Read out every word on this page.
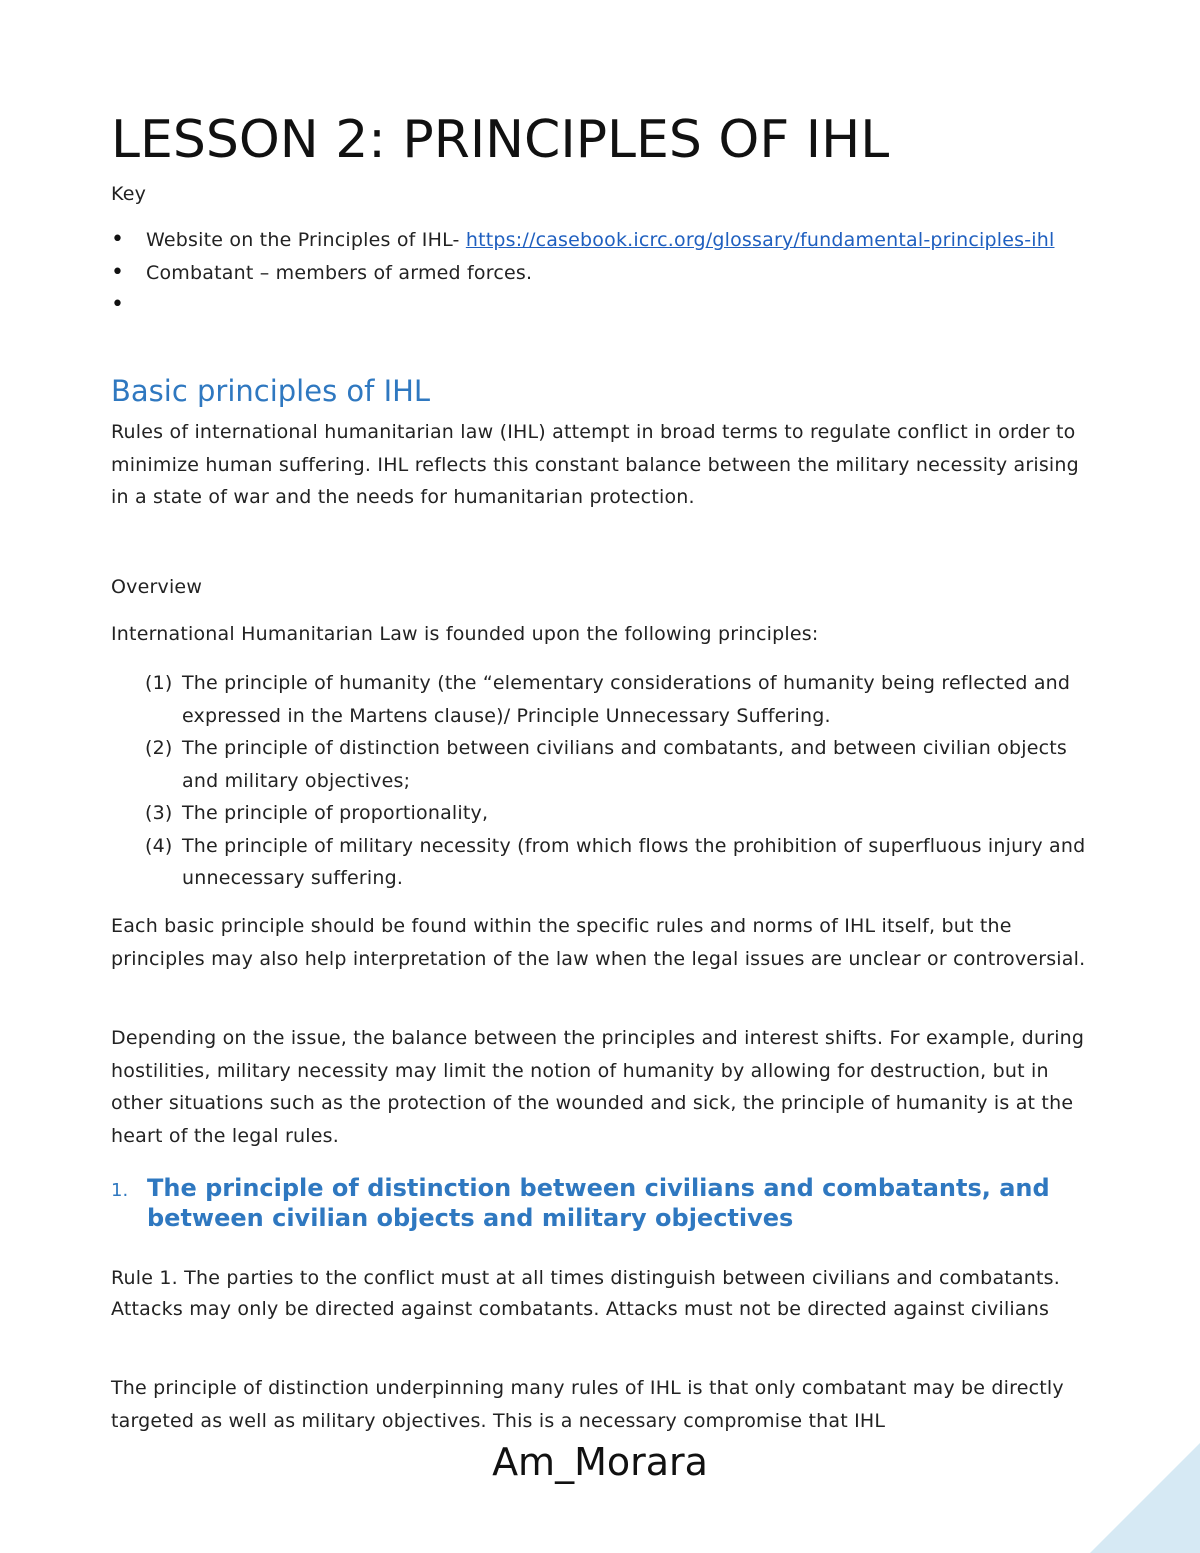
LESSON 2: PRINCIPLES OF IHL
Key
• Website on the Principles of IHL- https://casebook.icrc.org/glossary/fundamental-principles-ihl
• Combatant – members of armed forces.
•
Basic principles of IHL

Rules of international humanitarian law (IHL) attempt in broad terms to regulate conflict in order to minimize human suffering. IHL reflects this constant balance between the military necessity arising in a state of war and the needs for humanitarian protection.

Overview

International Humanitarian Law is founded upon the following principles:

(1) The principle of humanity (the “elementary considerations of humanity being reflected and expressed in the Martens clause)/ Principle Unnecessary Suffering.
(2) The principle of distinction between civilians and combatants, and between civilian objects and military objectives;
(3) The principle of proportionality,
(4) The principle of military necessity (from which flows the prohibition of superfluous injury and unnecessary suffering.

Each basic principle should be found within the specific rules and norms of IHL itself, but the principles may also help interpretation of the law when the legal issues are unclear or controversial.

Depending on the issue, the balance between the principles and interest shifts. For example, during hostilities, military necessity may limit the notion of humanity by allowing for destruction, but in other situations such as the protection of the wounded and sick, the principle of humanity is at the heart of the legal rules.

1. The principle of distinction between civilians and combatants, and between civilian objects and military objectives

Rule 1. The parties to the conflict must at all times distinguish between civilians and combatants. Attacks may only be directed against combatants. Attacks must not be directed against civilians

The principle of distinction underpinning many rules of IHL is that only combatant may be directly targeted as well as military objectives. This is a necessary compromise that IHL

Am_Morara
